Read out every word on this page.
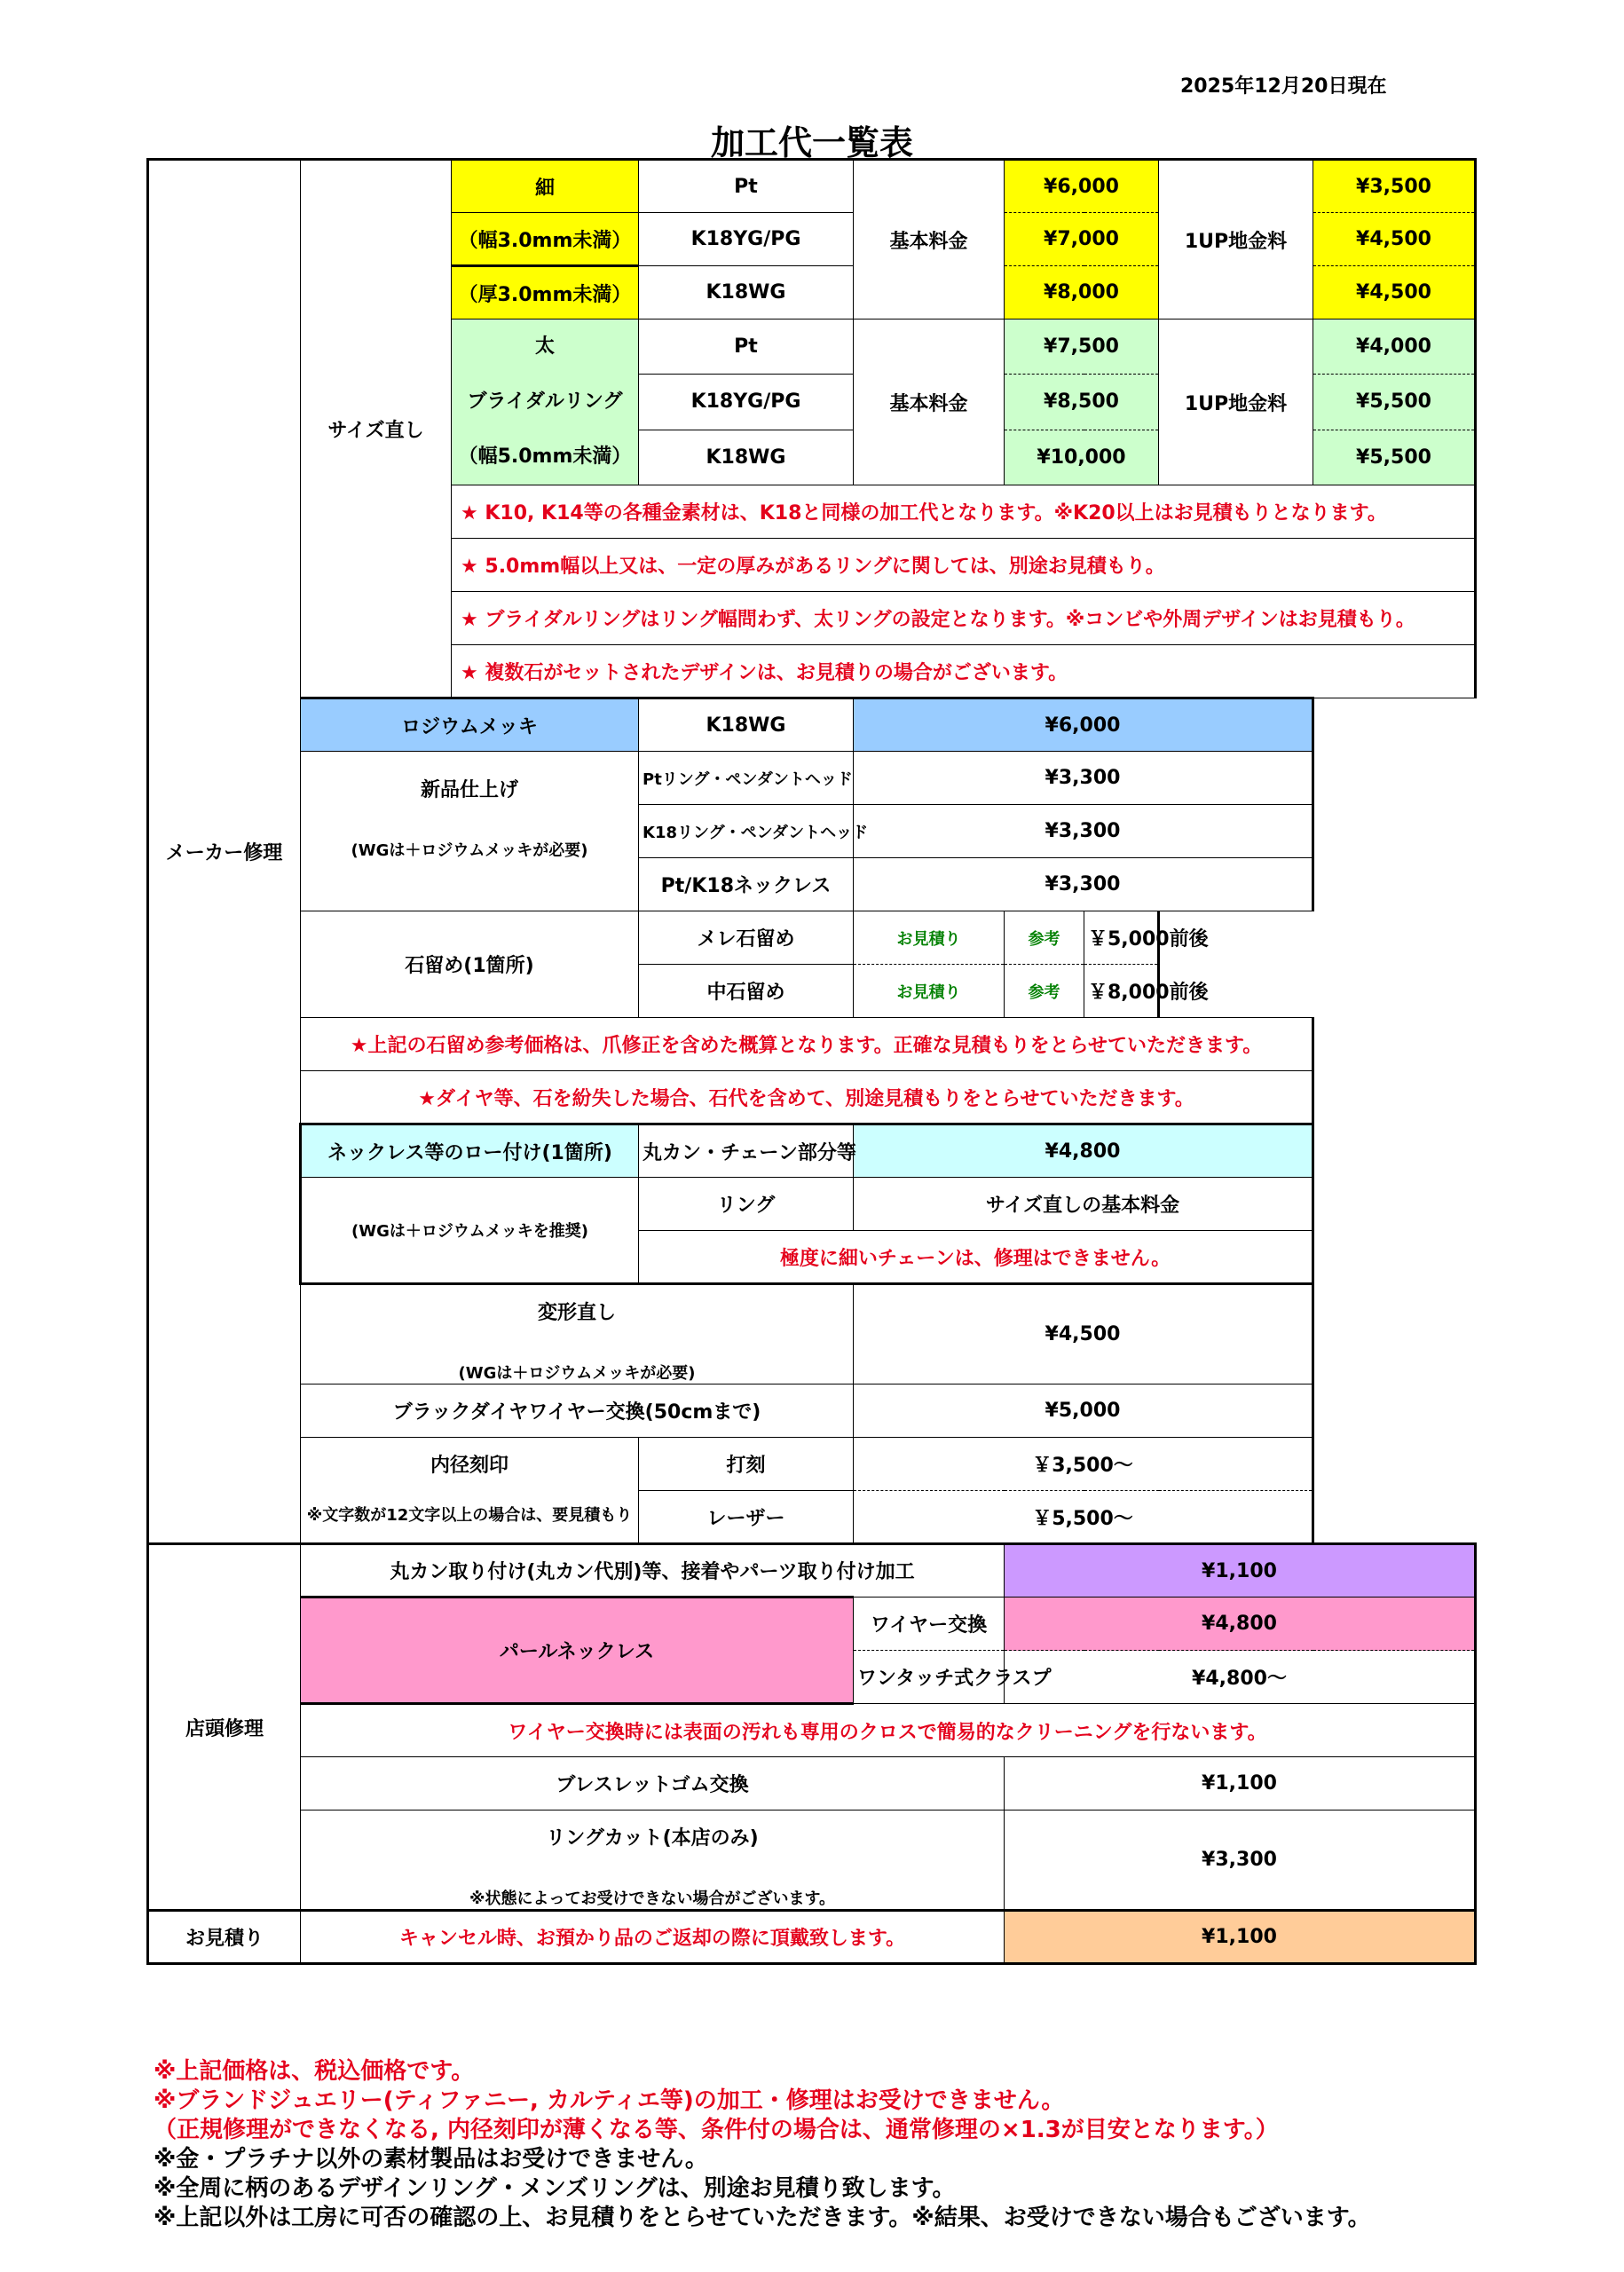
2025年12月20日現在
加工代一覧表
メーカー修理	サイズ直し	細	Pt	基本料金	¥6,000		1UP地金料	¥3,500
		（幅3.0mm未満）	K18YG/PG		¥7,000			¥4,500
		（厚3.0mm未満）	K18WG		¥8,000			¥4,500

		太
ブライダルリング
（幅5.0mm未満）	Pt	基本料金	¥7,500		1UP地金料	¥4,000
			K18YG/PG		¥8,500			¥5,500
			K18WG		¥10,000			¥5,500
		★ K10, K14等の各種金素材は、K18と同様の加工代となります。※K20以上はお見積もりとなります。						
		★ 5.0mm幅以上又は、一定の厚みがあるリングに関しては、別途お見積もり。						
		★ ブライダルリングはリング幅問わず、太リングの設定となります。※コンビや外周デザインはお見積もり。						
		★ 複数石がセットされたデザインは、お見積りの場合がございます。						
	ロジウムメッキ		K18WG	¥6,000				
	新品仕上げ
(WGは＋ロジウムメッキが必要)		Ptリング・ペンダントヘッド	¥3,300				
			K18リング・ペンダントヘッド	¥3,300				
			Pt/K18ネックレス	¥3,300				
	石留め(1箇所)		メレ石留め	お見積り	参考	￥5,000前後		
			中石留め	お見積り	参考	￥8,000前後		
	★上記の石留め参考価格は、爪修正を含めた概算となります。正確な見積もりをとらせていただきます。							
	★ダイヤ等、石を紛失した場合、石代を含めて、別途見積もりをとらせていただきます。							
	ネックレス等のロー付け(1箇所)		丸カン・チェーン部分等	¥4,800				
	(WGは＋ロジウムメッキを推奨)		リング	サイズ直しの基本料金				
			極度に細いチェーンは、修理はできません。					
	変形直し
(WGは＋ロジウムメッキが必要)			¥4,500				

	ブラックダイヤワイヤー交換(50cmまで)			¥5,000				
	内径刻印
※文字数が12文字以上の場合は、要見積もり		打刻	￥3,500～				
			レーザー	￥5,500～				
店頭修理	丸カン取り付け(丸カン代別)等、接着やパーツ取り付け加工				¥1,100			
	パールネックレス			ワイヤー交換	¥4,800			
				ワンタッチ式クラスプ	¥4,800～			
	ワイヤー交換時には表面の汚れも専用のクロスで簡易的なクリーニングを行ないます。							
	ブレスレットゴム交換				¥1,100			
	リングカット(本店のみ)
※状態によってお受けできない場合がございます。				¥3,300			

お見積り	キャンセル時、お預かり品のご返却の際に頂戴致します。				¥1,100			
※上記価格は、税込価格です。
※ブランドジュエリー(ティファニー, カルティエ等)の加工・修理はお受けできません。
（正規修理ができなくなる, 内径刻印が薄くなる等、条件付の場合は、通常修理の×1.3が目安となります。）
※金・プラチナ以外の素材製品はお受けできません。
※全周に柄のあるデザインリング・メンズリングは、別途お見積り致します。
※上記以外は工房に可否の確認の上、お見積りをとらせていただきます。※結果、お受けできない場合もございます。
